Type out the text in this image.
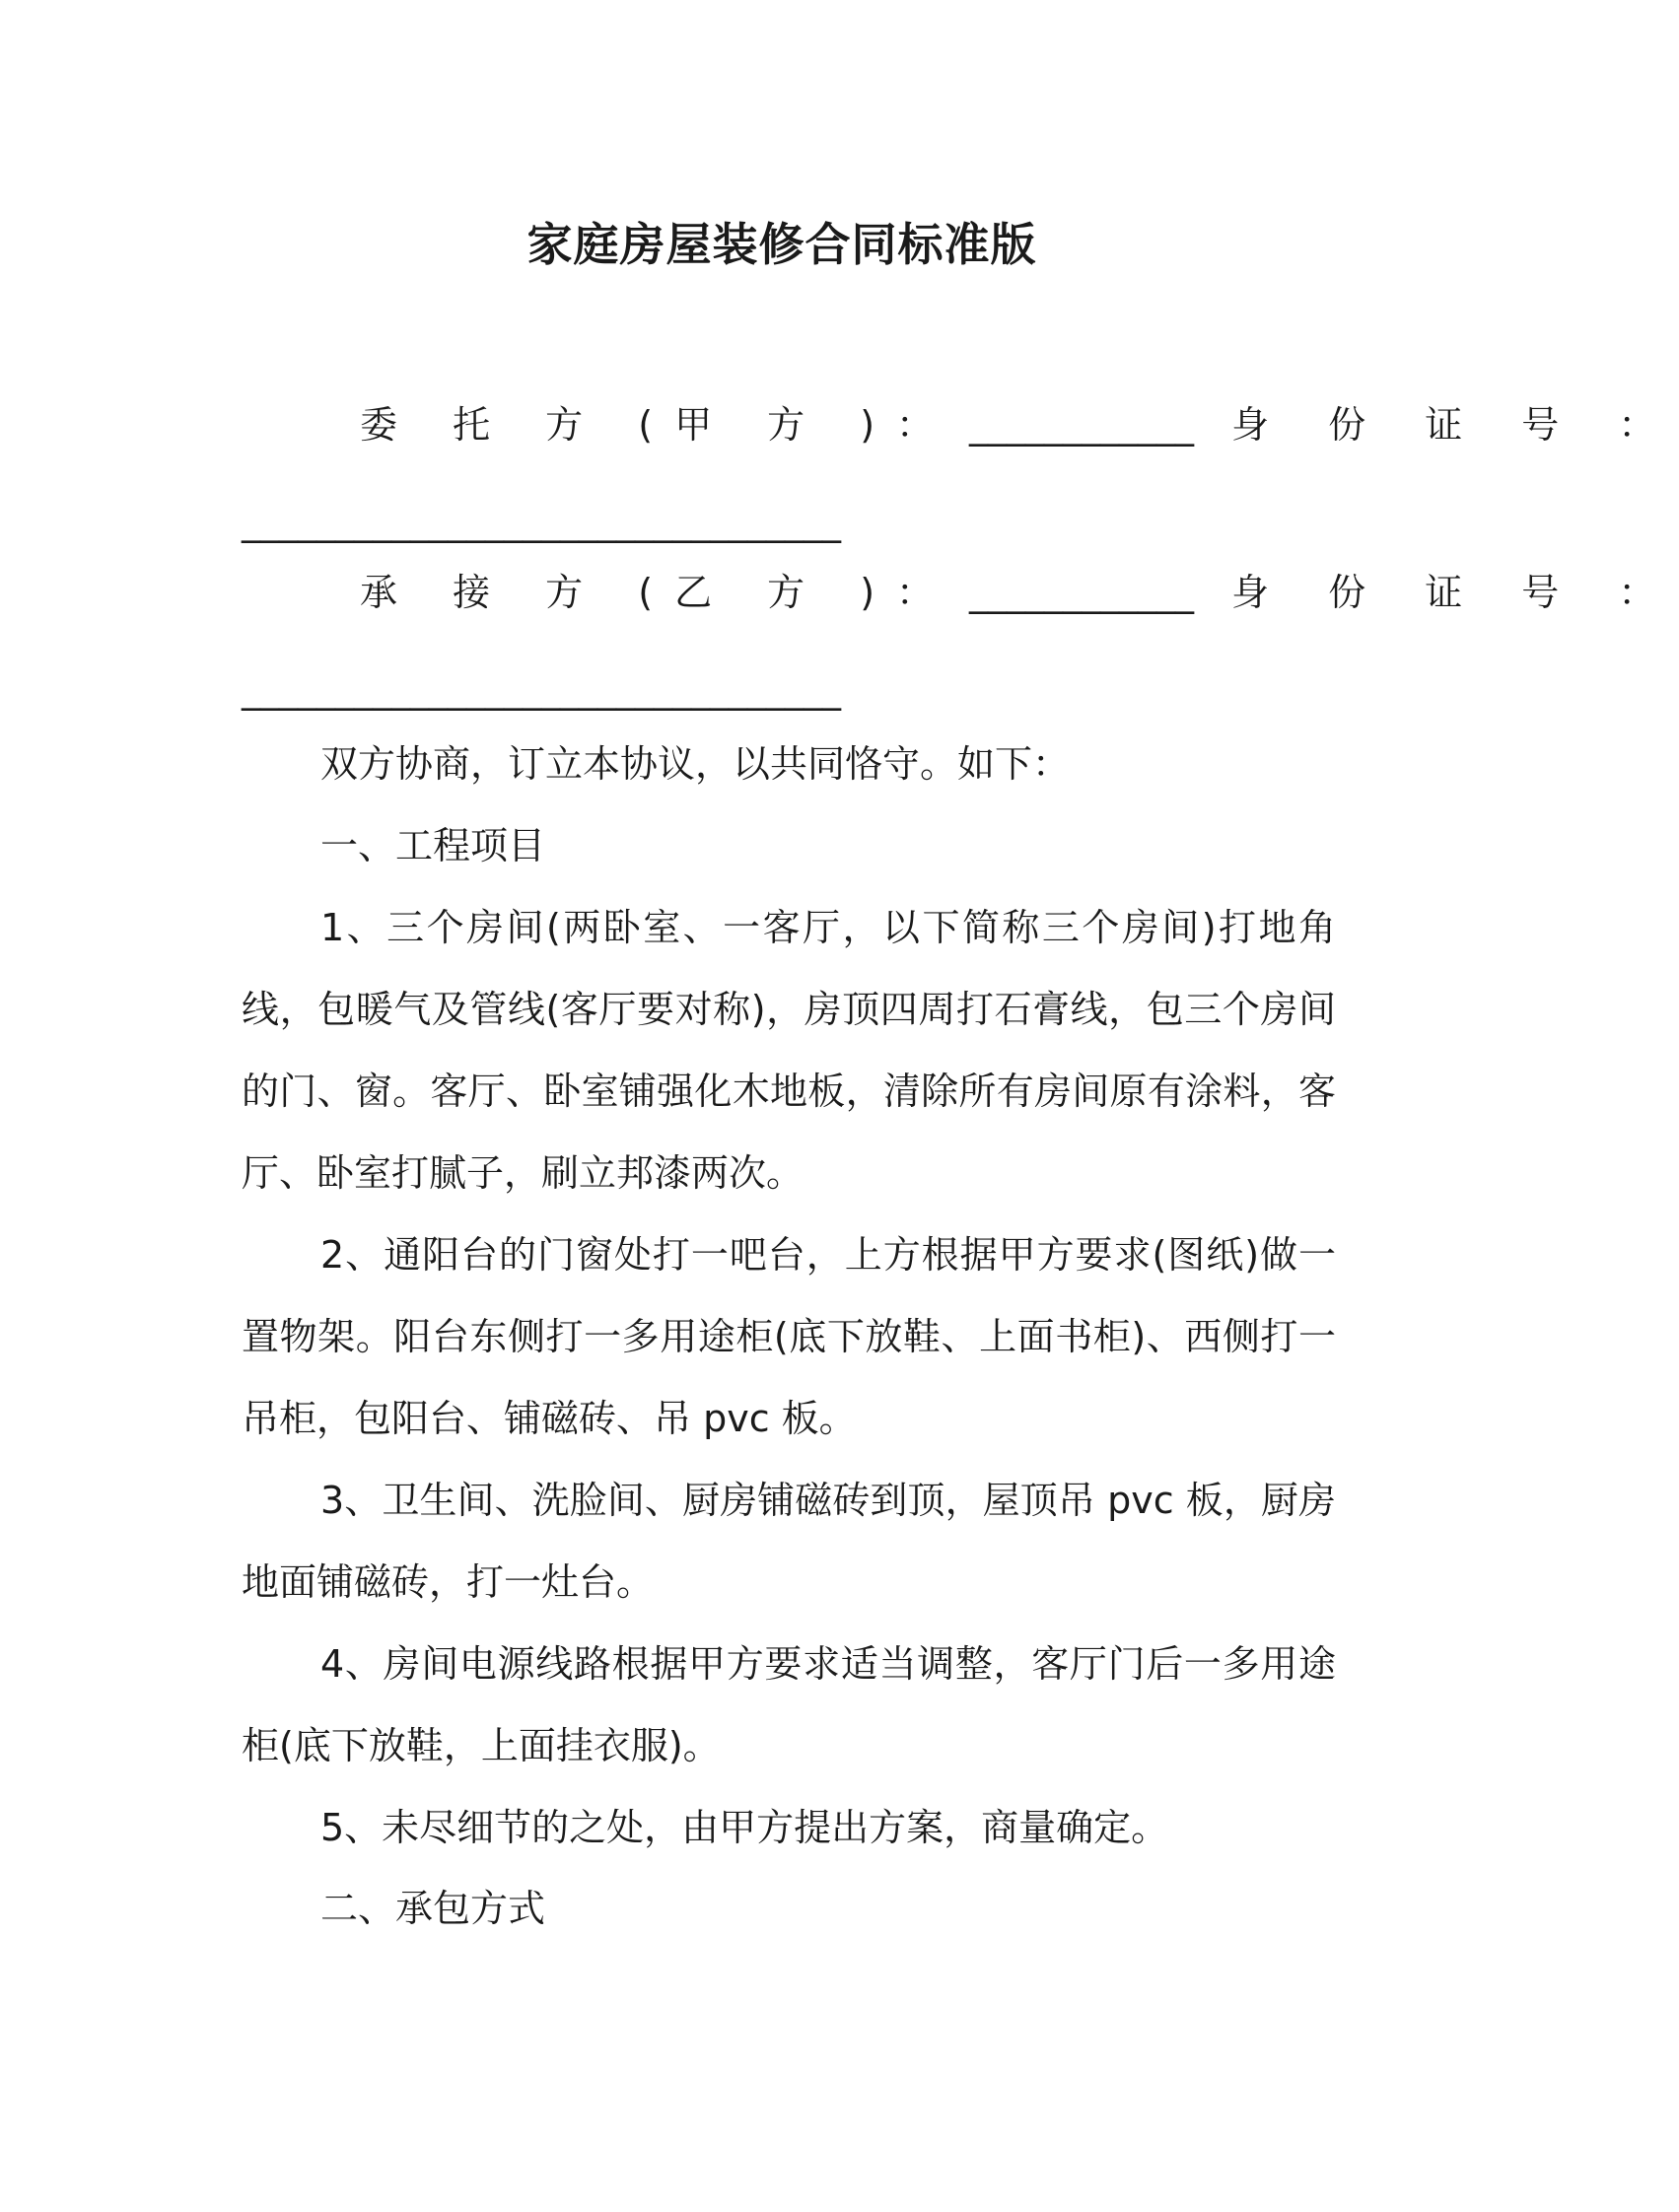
家庭房屋装修合同标准版
委 托 方 (甲 方 )： ____________ 身 份 证 号 ：
________________________________
承 接 方 (乙 方 )： ____________ 身 份 证 号 ：
________________________________
双方协商，订立本协议，以共同恪守。如下：
一、工程项目
1、三个房间(两卧室、一客厅，以下简称三个房间)打地角线，包暖气及管线(客厅要对称)，房顶四周打石膏线，包三个房间的门、窗。客厅、卧室铺强化木地板，清除所有房间原有涂料，客厅、卧室打腻子，刷立邦漆两次。
2、通阳台的门窗处打一吧台，上方根据甲方要求(图纸)做一置物架。阳台东侧打一多用途柜(底下放鞋、上面书柜)、西侧打一吊柜，包阳台、铺磁砖、吊 pvc 板。
3、卫生间、洗脸间、厨房铺磁砖到顶，屋顶吊 pvc 板，厨房地面铺磁砖，打一灶台。
4、房间电源线路根据甲方要求适当调整，客厅门后一多用途柜(底下放鞋，上面挂衣服)。
5、未尽细节的之处，由甲方提出方案，商量确定。
二、承包方式
